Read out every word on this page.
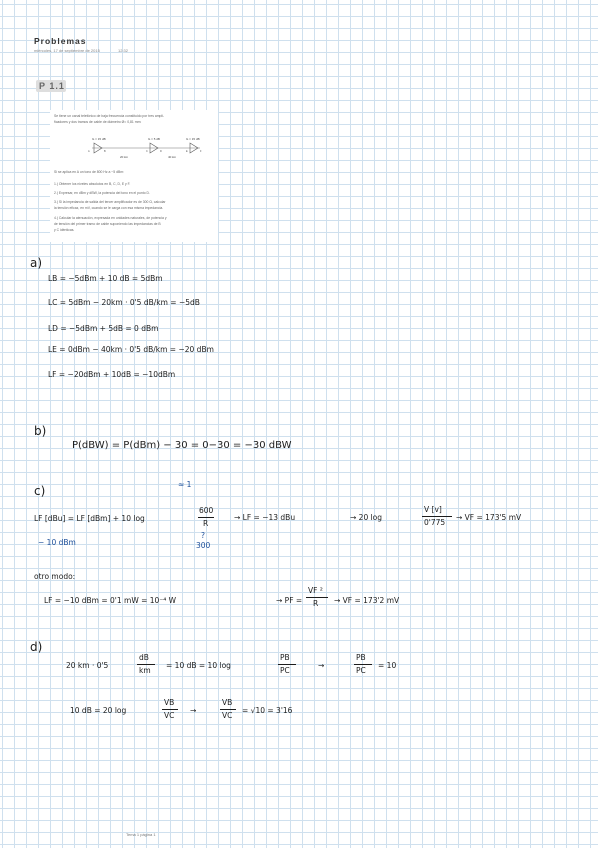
Problemas
miércoles, 17 de septiembre de 2015	12:32
P 1.1
Se tiene un canal telefónico de baja frecuencia constituido por tres ampli-
ficadores y dos tramos de cable de diámetro Ø= 0,81 mm:
G = 15 dB	G = 5 dB	G = 15 dB
20 km	40 km
A	B	C	D	E	F
Si se aplica en A un tono de 800 Hz a −5 dBm:
1.) Obtener los niveles absolutos en B, C, D, E y F.
2.) Expresar, en dBm y dBW, la potencia del tono en el punto D.
3.) Si la impedancia de salida del tercer amplificador es de 300 Ω, calcular
la tensión eficaz, en mV, cuando se le carga con esa misma impedancia.
4.) Calcular la atenuación, expresada en unidades naturales, de potencia y
de tensión del primer tramo de cable suponiendo las impedancias de B
y C idénticas.
a)
LB = −5dBm + 10 dB = 5dBm
LC = 5dBm − 20km · 0'5 dB/km = −5dB
LD = −5dBm + 5dB = 0 dBm
LE = 0dBm − 40km · 0'5 dB/km = −20 dBm
LF = −20dBm + 10dB = −10dBm
b)
P(dBW) = P(dBm) − 30 = 0−30 = −30 dBW
c)	≈ 1
LF [dBu] = LF [dBm] + 10 log
600
R
− 10 dBm
?
300
→ LF = −13 dBu	→ 20 log
V [v]
0'775
→ VF = 173'5 mV
otro modo:
LF = −10 dBm = 0'1 mW = 10⁻⁴ W	→ PF =
VF ²
R → VF = 173'2 mV
d)
20 km · 0'5
dB
km
= 10 dB = 10 log
PB
PC
→
PB
PC
= 10
10 dB = 20 log
VB
VC
→
VB
VC
= √10 = 3'16
Tema 1 página 1
